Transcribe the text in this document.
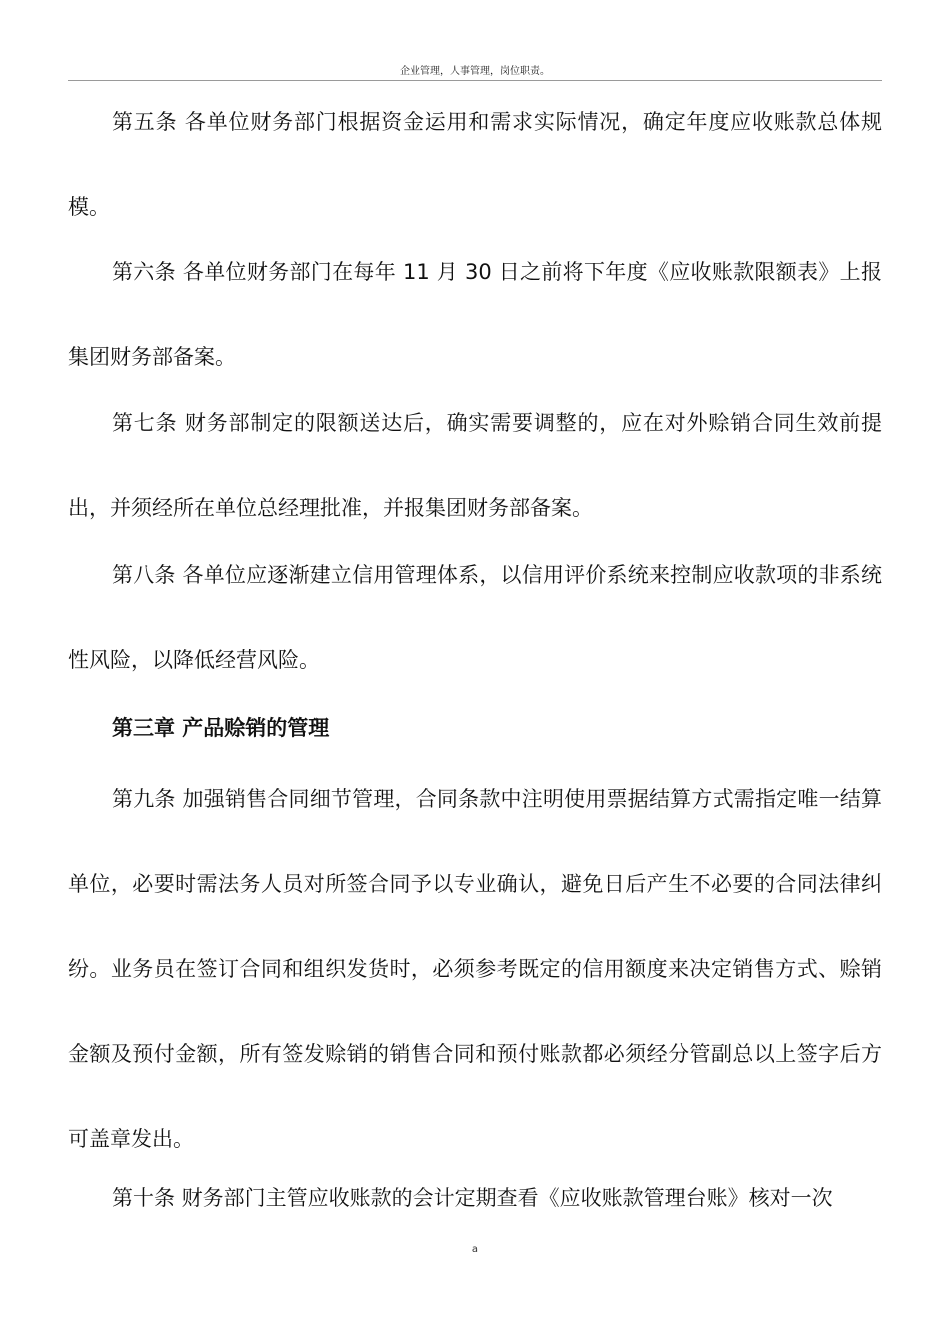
企业管理，人事管理，岗位职责。
第五条 各单位财务部门根据资金运用和需求实际情况，确定年度应收账款总体规模。
第六条 各单位财务部门在每年 11 月 30 日之前将下年度《应收账款限额表》上报集团财务部备案。
第七条 财务部制定的限额送达后，确实需要调整的，应在对外赊销合同生效前提出，并须经所在单位总经理批准，并报集团财务部备案。
第八条 各单位应逐渐建立信用管理体系，以信用评价系统来控制应收款项的非系统性风险，以降低经营风险。
第三章 产品赊销的管理
第九条 加强销售合同细节管理，合同条款中注明使用票据结算方式需指定唯一结算单位，必要时需法务人员对所签合同予以专业确认，避免日后产生不必要的合同法律纠纷。业务员在签订合同和组织发货时，必须参考既定的信用额度来决定销售方式、赊销金额及预付金额，所有签发赊销的销售合同和预付账款都必须经分管副总以上签字后方可盖章发出。
第十条 财务部门主管应收账款的会计定期查看《应收账款管理台账》核对一次
a
